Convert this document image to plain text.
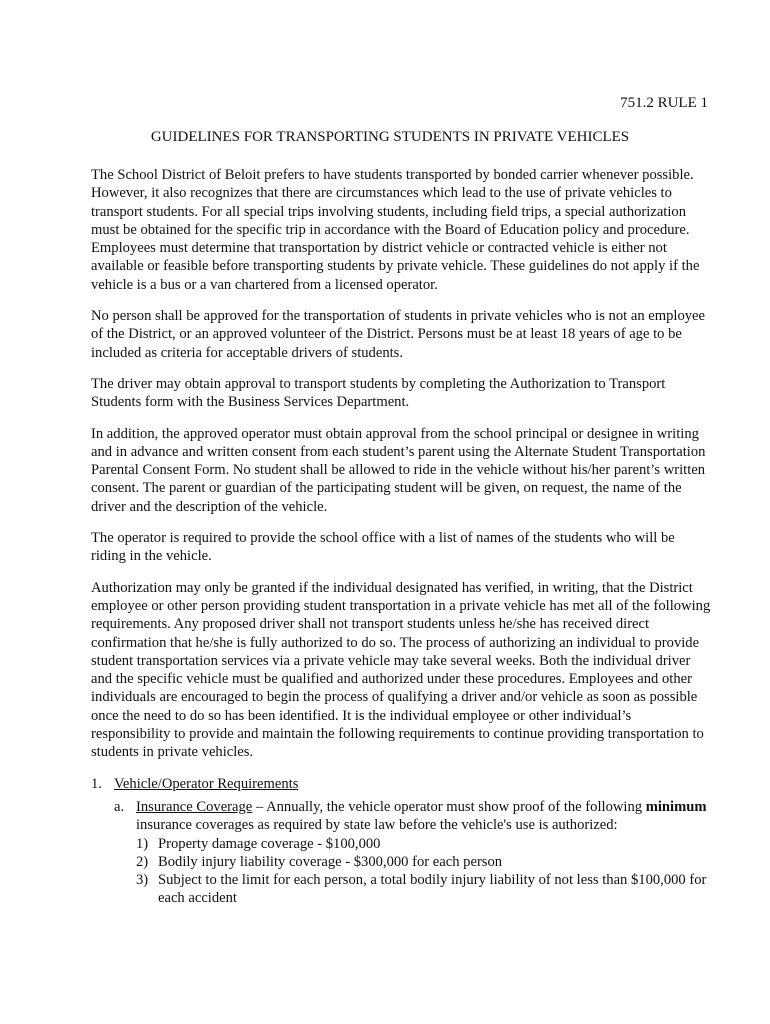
751.2 RULE 1
GUIDELINES FOR TRANSPORTING STUDENTS IN PRIVATE VEHICLES

The School District of Beloit prefers to have students transported by bonded carrier whenever possible. However, it also recognizes that there are circumstances which lead to the use of private vehicles to transport students. For all special trips involving students, including field trips, a special authorization must be obtained for the specific trip in accordance with the Board of Education policy and procedure. Employees must determine that transportation by district vehicle or contracted vehicle is either not available or feasible before transporting students by private vehicle. These guidelines do not apply if the vehicle is a bus or a van chartered from a licensed operator.

No person shall be approved for the transportation of students in private vehicles who is not an employee of the District, or an approved volunteer of the District. Persons must be at least 18 years of age to be included as criteria for acceptable drivers of students.

The driver may obtain approval to transport students by completing the Authorization to Transport Students form with the Business Services Department.

In addition, the approved operator must obtain approval from the school principal or designee in writing and in advance and written consent from each student’s parent using the Alternate Student Transportation Parental Consent Form. No student shall be allowed to ride in the vehicle without his/her parent’s written consent. The parent or guardian of the participating student will be given, on request, the name of the driver and the description of the vehicle.

The operator is required to provide the school office with a list of names of the students who will be riding in the vehicle.

Authorization may only be granted if the individual designated has verified, in writing, that the District employee or other person providing student transportation in a private vehicle has met all of the following requirements. Any proposed driver shall not transport students unless he/she has received direct confirmation that he/she is fully authorized to do so. The process of authorizing an individual to provide student transportation services via a private vehicle may take several weeks. Both the individual driver and the specific vehicle must be qualified and authorized under these procedures. Employees and other individuals are encouraged to begin the process of qualifying a driver and/or vehicle as soon as possible once the need to do so has been identified. It is the individual employee or other individual’s responsibility to provide and maintain the following requirements to continue providing transportation to students in private vehicles.

1. Vehicle/Operator Requirements
a. Insurance Coverage – Annually, the vehicle operator must show proof of the following minimum insurance coverages as required by state law before the vehicle's use is authorized:
1) Property damage coverage - $100,000
2) Bodily injury liability coverage - $300,000 for each person
3) Subject to the limit for each person, a total bodily injury liability of not less than $100,000 for each accident
